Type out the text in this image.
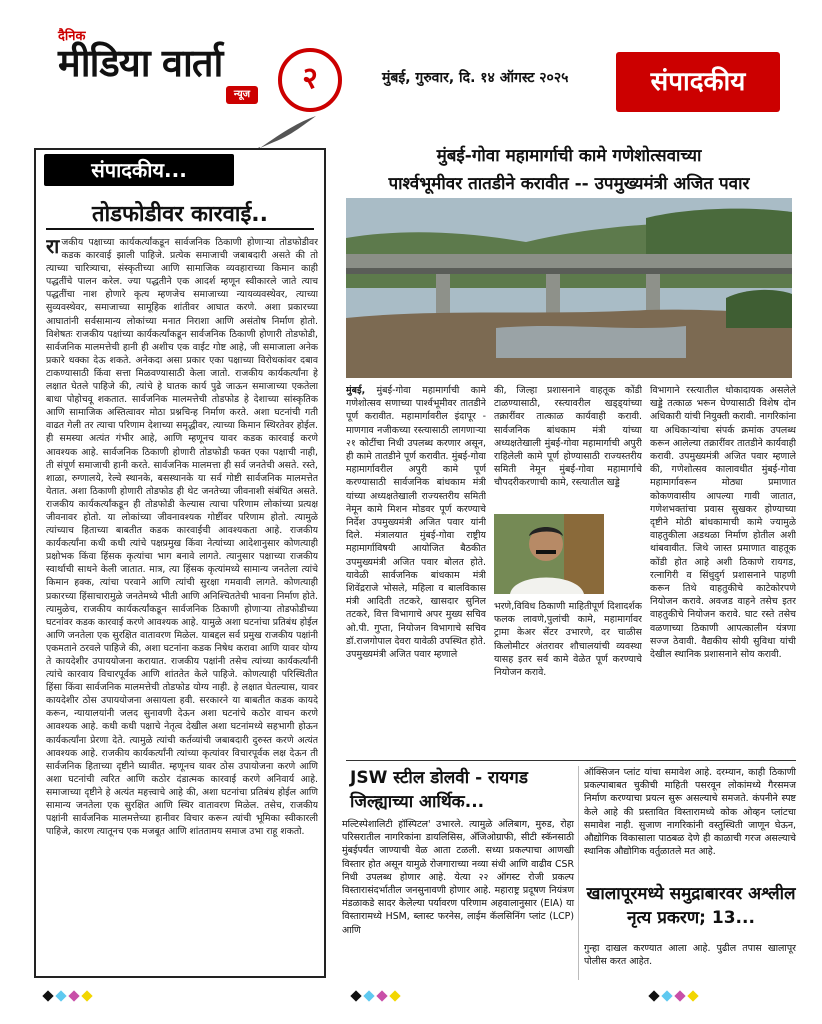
दैनिक
मीडिया वार्ता
न्यूज	२	मुंबई, गुरुवार, दि. १४ ऑगस्ट २०२५	संपादकीय
संपादकीय...
तोडफोडीवर कारवाई..
राजकीय पक्षाच्या कार्यकर्त्यांकडून सार्वजनिक ठिकाणी होणाऱ्या तोडफोडीवर कडक कारवाई झाली पाहिजे. प्रत्येक समाजाची जबाबदारी असते की तो त्याच्या चारित्र्याचा, संस्कृतीच्या आणि सामाजिक व्यवहाराच्या किमान काही पद्धतींचे पालन करेल. ज्या पद्धतीने एक आदर्श म्हणून स्वीकारले जाते त्याच पद्धतींचा नाश होणारे कृत्य म्हणजेच समाजाच्या न्यायव्यवस्थेवर, त्याच्या सुव्यवस्थेवर, समाजाच्या सामूहिक शांतीवर आघात करणे. अशा प्रकारच्या आघातांनी सर्वसामान्य लोकांच्या मनात निराशा आणि असंतोष निर्माण होतो. विशेषतः राजकीय पक्षांच्या कार्यकर्त्यांकडून सार्वजनिक ठिकाणी होणारी तोडफोडी, सार्वजनिक मालमत्तेची हानी ही अशीच एक वाईट गोष्ट आहे, जी समाजाला अनेक प्रकारे धक्का देऊ शकते. अनेकदा असा प्रकार एका पक्षाच्या विरोधकांवर दबाव टाकण्यासाठी किंवा सत्ता मिळवण्यासाठी केला जातो. राजकीय कार्यकर्त्यांना हे लक्षात घेतले पाहिजे की, त्यांचे हे घातक कार्य पुढे जाऊन समाजाच्या एकतेला बाधा पोहोचवू शकतात. सार्वजनिक मालमत्तेची तोडफोड हे देशाच्या सांस्कृतिक आणि सामाजिक अस्तित्वावर मोठा प्रश्नचिन्ह निर्माण करते. अशा घटनांची गती वाढत गेली तर त्याचा परिणाम देशाच्या समृद्धीवर, त्याच्या किमान स्थिरतेवर होईल. ही समस्या अत्यंत गंभीर आहे, आणि म्हणूनच यावर कडक कारवाई करणे आवश्यक आहे. सार्वजनिक ठिकाणी होणारी तोडफोडी फक्त एका पक्षाची नाही, ती संपूर्ण समाजाची हानी करते. सार्वजनिक मालमत्ता ही सर्व जनतेची असते. रस्ते, शाळा, रुग्णालये, रेल्वे स्थानके, बसस्थानके या सर्व गोष्टी सार्वजनिक मालमत्तेत येतात. अशा ठिकाणी होणारी तोडफोड ही थेट जनतेच्या जीवनाशी संबंधित असते. राजकीय कार्यकर्त्यांकडून ही तोडफोडी केल्यास त्याचा परिणाम लोकांच्या प्रत्यक्ष जीवनावर होतो. या लोकांच्या जीवनावश्यक गोष्टींवर परिणाम होतो. त्यामुळे त्यांच्याच हिताच्या बाबतीत कडक कारवाईची आवश्यकता आहे. राजकीय कार्यकर्त्यांना कधी कधी त्यांचे पक्षप्रमुख किंवा नेत्यांच्या आदेशानुसार कोणत्याही प्रक्षोभक किंवा हिंसक कृत्यांचा भाग बनावे लागते. त्यानुसार पक्षाच्या राजकीय स्वार्थाची साधने केली जातात. मात्र, त्या हिंसक कृत्यांमध्ये सामान्य जनतेला त्यांचे किमान हक्क, त्यांचा परवाने आणि त्यांची सुरक्षा गमवावी लागते. कोणत्याही प्रकारच्या हिंसाचारामुळे जनतेमध्ये भीती आणि अनिश्चिततेची भावना निर्माण होते. त्यामुळेच, राजकीय कार्यकर्त्यांकडून सार्वजनिक ठिकाणी होणाऱ्या तोडफोडीच्या घटनांवर कडक कारवाई करणे आवश्यक आहे. यामुळे अशा घटनांचा प्रतिबंध होईल आणि जनतेला एक सुरक्षित वातावरण मिळेल. याबद्दल सर्व प्रमुख राजकीय पक्षांनी एकमताने ठरवले पाहिजे की, अशा घटनांना कडक निषेध करावा आणि यावर योग्य ते कायदेशीर उपाययोजना करायात. राजकीय पक्षांनी तसेच त्यांच्या कार्यकर्त्यांनी त्यांचे कारवाय विचारपूर्वक आणि शांततेत केले पाहिजे. कोणत्याही परिस्थितीत हिंसा किंवा सार्वजनिक मालमत्तेची तोडफोड योग्य नाही. हे लक्षात घेतल्यास, यावर कायदेशीर ठोस उपाययोजना असायला हवी. सरकारने या बाबतीत कडक कायदे करून, न्यायालयांनी जलद सुनावणी देऊन अशा घटनांचे कठोर वाचन करणे आवश्यक आहे. कधी कधी पक्षाचे नेतृत्व देखील अशा घटनांमध्ये सहभागी होऊन कार्यकर्त्यांना प्रेरणा देते. त्यामुळे त्यांची कर्तव्यांची जबाबदारी दुरुस्त करणे अत्यंत आवश्यक आहे. राजकीय कार्यकर्त्यांनी त्यांच्या कृत्यांवर विचारपूर्वक लक्ष देऊन ती सार्वजनिक हिताच्या दृष्टीने घ्यावीत. म्हणूनच यावर ठोस उपायोजना करणे आणि अशा घटनांची त्वरित आणि कठोर दंडात्मक कारवाई करणे अनिवार्य आहे. समाजाच्या दृष्टीने हे अत्यंत महत्त्वाचे आहे की, अशा घटनांचा प्रतिबंध होईल आणि सामान्य जनतेला एक सुरक्षित आणि स्थिर वातावरण मिळेल. तसेच, राजकीय पक्षांनी सार्वजनिक मालमत्तेच्या हानीवर विचार करून त्यांची भूमिका स्वीकारली पाहिजे, कारण त्यातूनच एक मजबूत आणि शांततामय समाज उभा राहू शकतो.
मुंबई-गोवा महामार्गाची कामे गणेशोत्सवाच्या
पार्श्वभूमीवर तातडीने करावीत -- उपमुख्यमंत्री अजित पवार
मुंबई, मुंबई-गोवा महामार्गाची कामे गणेशोत्सव सणाच्या पार्श्वभूमीवर तातडीने पूर्ण करावीत. महामार्गावरील इंदापूर - माणगाव नजीकच्या रस्त्यासाठी लागणाऱ्या २१ कोटींचा निधी उपलब्ध करणार असून, ही कामे तातडीने पूर्ण करावीत. मुंबई-गोवा महामार्गावरील अपुरी कामे पूर्ण करण्यासाठी सार्वजनिक बांधकाम मंत्री यांच्या अध्यक्षतेखाली राज्यस्तरीय समिती नेमून कामे मिशन मोडवर पूर्ण करण्याचे निर्देश उपमुख्यमंत्री अजित पवार यांनी दिले. मंत्रालयात मुंबई-गोवा राष्ट्रीय महामार्गाविषयी आयोजित बैठकीत उपमुख्यमंत्री अजित पवार बोलत होते. यावेळी सार्वजनिक बांधकाम मंत्री शिवेंद्रराजे भोसले, महिला व बालविकास मंत्री आदिती तटकरे, खासदार सुनिल तटकरे, वित्त विभागाचे अपर मुख्य सचिव ओ.पी. गुप्ता, नियोजन विभागाचे सचिव डॉ.राजगोपाल देवरा यावेळी उपस्थित होते.
उपमुख्यमंत्री अजित पवार म्हणाले
की, जिल्हा प्रशासनाने वाहतूक कोंडी टाळण्यासाठी, रस्त्यावरील खड्ड्यांच्या तक्रारींवर तात्काळ कार्यवाही करावी. सार्वजनिक बांधकाम मंत्री यांच्या अध्यक्षतेखाली मुंबई-गोवा महामार्गाची अपुरी राहिलेली कामे पूर्ण होण्यासाठी राज्यस्तरीय समिती नेमून मुंबई-गोवा महामार्गाचे चौपदरीकरणाची कामे, रस्त्यातील खड्डे
भरणे,विविध ठिकाणी माहितीपूर्ण दिशादर्शक फलक लावणे,पुलांची कामे, महामार्गावर ट्रामा केअर सेंटर उभारणे, दर चाळीस किलोमीटर अंतरावर शौचालयांची व्यवस्था यासह इतर सर्व कामे वेळेत पूर्ण करण्याचे नियोजन करावे.
विभागाने रस्त्यातील धोकादायक असलेले खड्डे तत्काळ भरून घेण्यासाठी विशेष दोन अधिकारी यांची नियुक्ती करावी. नागरिकांना या अधिकाऱ्यांचा संपर्क क्रमांक उपलब्ध करून आलेल्या तक्रारींवर तातडीने कार्यवाही करावी. उपमुख्यमंत्री अजित पवार म्हणाले की, गणेशोत्सव कालावधीत मुंबई-गोवा महामार्गावरून मोठ्या प्रमाणात कोकणवासीय आपल्या गावी जातात, गणेशभक्तांचा प्रवास सुखकर होण्याच्या दृष्टीने मोठी बांधकामाची कामे ज्यामुळे वाहतुकीला अडथळा निर्माण होतील अशी थांबवावीत. जिथे जास्त प्रमाणात वाहतूक कोंडी होत आहे अशी ठिकाणे रायगड, रत्नागिरी व सिंधुदुर्ग प्रशासनाने पाहणी करून तिथे वाहतुकीचे काटेकोरपणे नियोजन करावे. अवजड वाहने तसेच इतर वाहतुकीचे नियोजन करावे. घाट रस्ते तसेच वळणाच्या ठिकाणी आपत्कालीन यंत्रणा सज्ज ठेवावी. वैद्यकीय सोयी सुविधा यांची देखील स्थानिक प्रशासनाने सोय करावी.
JSW स्टील डोलवी - रायगड जिल्ह्याच्या आर्थिक...
मल्टिस्पेशालिटी हॉस्पिटल' उभारले. त्यामुळे अलिबाग, मुरुड, रोहा परिसरातील नागरिकांना डायलिसिस, अँजिओग्राफी, सीटी स्कॅनसाठी मुंबईपर्यंत जाण्याची वेळ आता टळली. सध्या प्रकल्पाचा आणखी विस्तार होत असून यामुळे रोजगाराच्या नव्या संधी आणि वाढीव CSR निधी उपलब्ध होणार आहे. येत्या २२ ऑगस्ट रोजी प्रकल्प विस्तारासंदर्भातील जनसुनावणी होणार आहे. महाराष्ट्र प्रदूषण नियंत्रण मंडळाकडे सादर केलेल्या पर्यावरण परिणाम अहवालानुसार (EIA) या विस्तारामध्ये HSM, ब्लास्ट फरनेस, लाईम कॅलसिनिंग प्लांट (LCP) आणि
ऑक्सिजन प्लांट यांचा समावेश आहे. दरम्यान, काही ठिकाणी प्रकल्पाबाबत चुकीची माहिती पसरवून लोकांमध्ये गैरसमज निर्माण करण्याचा प्रयत्न सुरू असल्याचे समजते. कंपनीने स्पष्ट केले आहे की प्रस्तावित विस्तारामध्ये कोक ओव्हन प्लांटचा समावेश नाही. सुजाण नागरिकांनी वस्तुस्थिती जाणून घेऊन, औद्योगिक विकासाला पाठबळ देणे ही काळाची गरज असल्याचे स्थानिक औद्योगिक वर्तुळातले मत आहे.
खालापूरमध्ये समुद्राबारवर अश्लील नृत्य प्रकरण; 13...
गुन्हा दाखल करण्यात आला आहे. पुढील तपास खालापूर पोलीस करत आहेत.
